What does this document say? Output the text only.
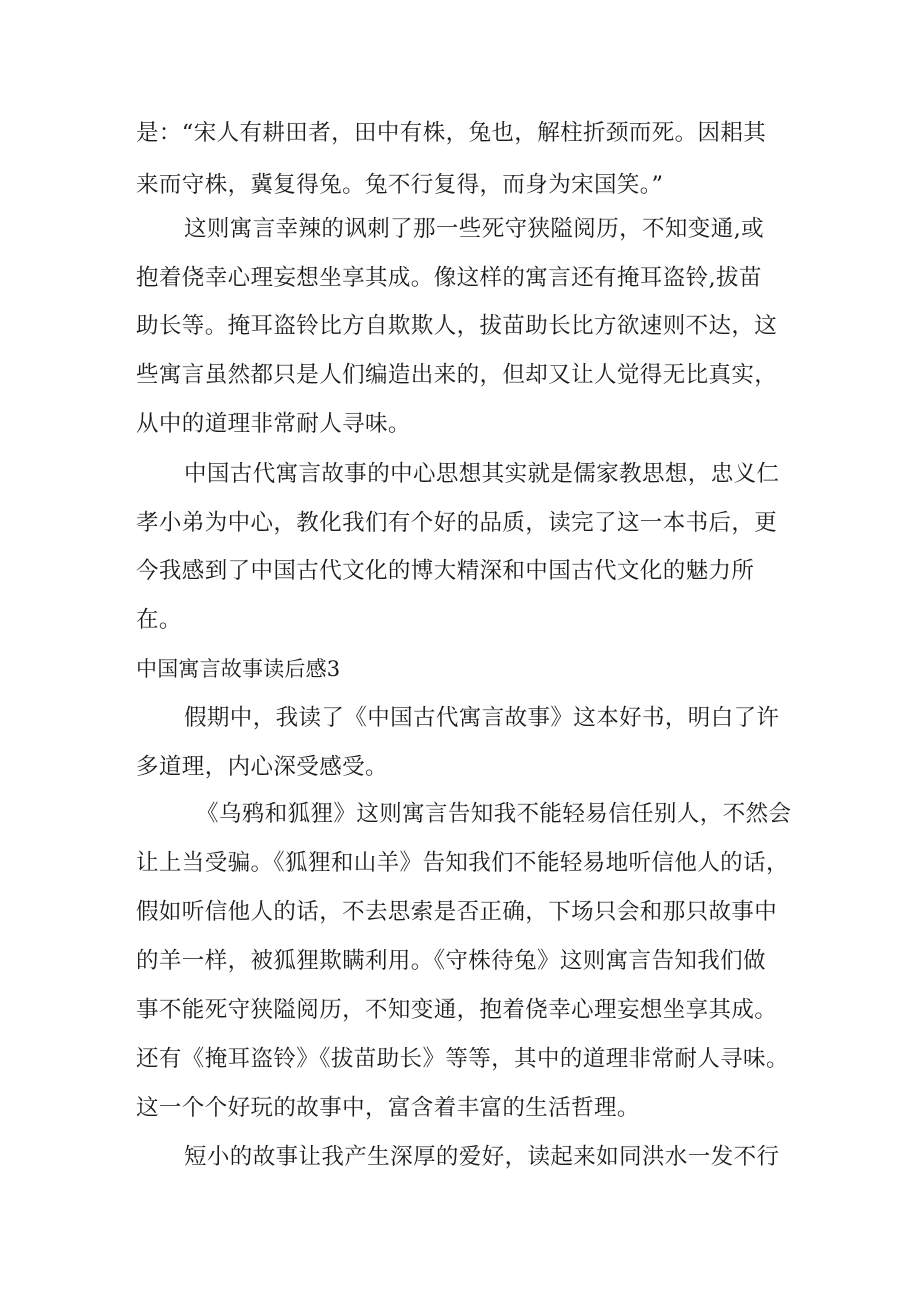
是：“宋人有耕田者，田中有株，兔也，解柱折颈而死。因耜其
来而守株，冀复得兔。兔不行复得，而身为宋国笑。”
这则寓言幸辣的讽刺了那一些死守狭隘阅历，不知变通,或
抱着侥幸心理妄想坐享其成。像这样的寓言还有掩耳盗铃,拔苗
助长等。掩耳盗铃比方自欺欺人，拔苗助长比方欲速则不达，这
些寓言虽然都只是人们编造出来的，但却又让人觉得无比真实，
从中的道理非常耐人寻味。
中国古代寓言故事的中心思想其实就是儒家教思想，忠义仁
孝小弟为中心，教化我们有个好的品质，读完了这一本书后，更
今我感到了中国古代文化的博大精深和中国古代文化的魅力所
在。
中国寓言故事读后感3
假期中，我读了《中国古代寓言故事》这本好书，明白了许
多道理，内心深受感受。
《乌鸦和狐狸》这则寓言告知我不能轻易信任别人，不然会
让上当受骗。《狐狸和山羊》告知我们不能轻易地听信他人的话，
假如听信他人的话，不去思索是否正确，下场只会和那只故事中
的羊一样，被狐狸欺瞒利用。《守株待兔》这则寓言告知我们做
事不能死守狭隘阅历，不知变通，抱着侥幸心理妄想坐享其成。
还有《掩耳盗铃》《拔苗助长》等等，其中的道理非常耐人寻味。
这一个个好玩的故事中，富含着丰富的生活哲理。
短小的故事让我产生深厚的爱好，读起来如同洪水一发不行
